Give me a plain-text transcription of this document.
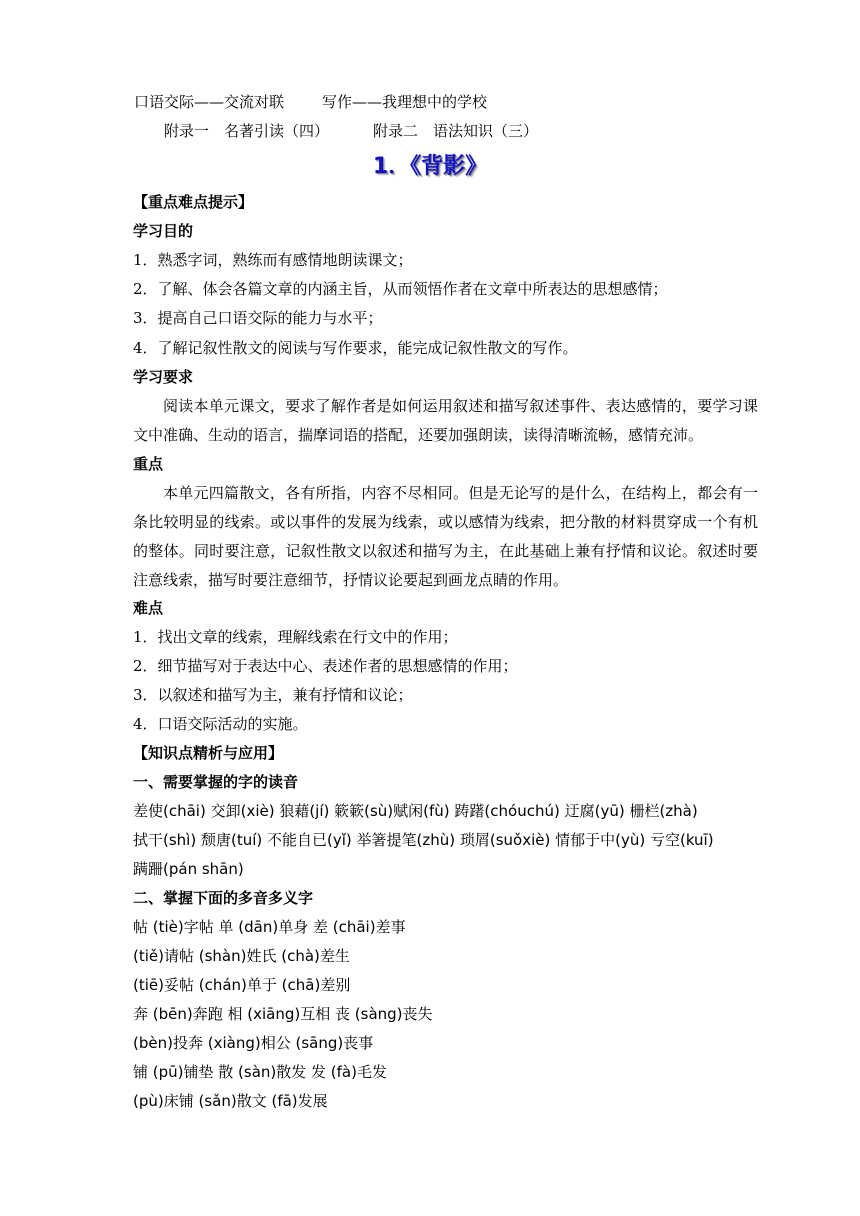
口语交际——交流对联	写作——我理想中的学校
附录一　名著引读（四）	附录二　语法知识（三）
1．《背影》
【重点难点提示】
学习目的
1．熟悉字词，熟练而有感情地朗读课文；
2．了解、体会各篇文章的内涵主旨，从而领悟作者在文章中所表达的思想感情；
3．提高自己口语交际的能力与水平；
4．了解记叙性散文的阅读与写作要求，能完成记叙性散文的写作。
学习要求
阅读本单元课文，要求了解作者是如何运用叙述和描写叙述事件、表达感情的，要学习课文中准确、生动的语言，揣摩词语的搭配，还要加强朗读，读得清晰流畅，感情充沛。
重点
本单元四篇散文，各有所指，内容不尽相同。但是无论写的是什么，在结构上，都会有一条比较明显的线索。或以事件的发展为线索，或以感情为线索，把分散的材料贯穿成一个有机的整体。同时要注意，记叙性散文以叙述和描写为主，在此基础上兼有抒情和议论。叙述时要注意线索，描写时要注意细节，抒情议论要起到画龙点睛的作用。
难点
1．找出文章的线索，理解线索在行文中的作用；
2．细节描写对于表达中心、表述作者的思想感情的作用；
3．以叙述和描写为主，兼有抒情和议论；
4．口语交际活动的实施。
【知识点精析与应用】
一、需要掌握的字的读音
差使(chāi) 交卸(xiè) 狼藉(jí) 簌簌(sù)赋闲(fù) 踌躇(chóuchú) 迂腐(yū) 栅栏(zhà)
拭干(shì) 颓唐(tuí) 不能自已(yǐ) 举箸提笔(zhù) 琐屑(suǒxiè) 情郁于中(yù) 亏空(kuī)
蹒跚(pán shān)
二、掌握下面的多音多义字
帖 (tiè)字帖 单 (dān)单身 差 (chāi)差事
(tiě)请帖 (shàn)姓氏 (chà)差生
(tiē)妥帖 (chán)单于 (chā)差别
奔 (bēn)奔跑 相 (xiāng)互相 丧 (sàng)丧失
(bèn)投奔 (xiàng)相公 (sāng)丧事
铺 (pū)铺垫 散 (sàn)散发 发 (fà)毛发
(pù)床铺 (sǎn)散文 (fā)发展
